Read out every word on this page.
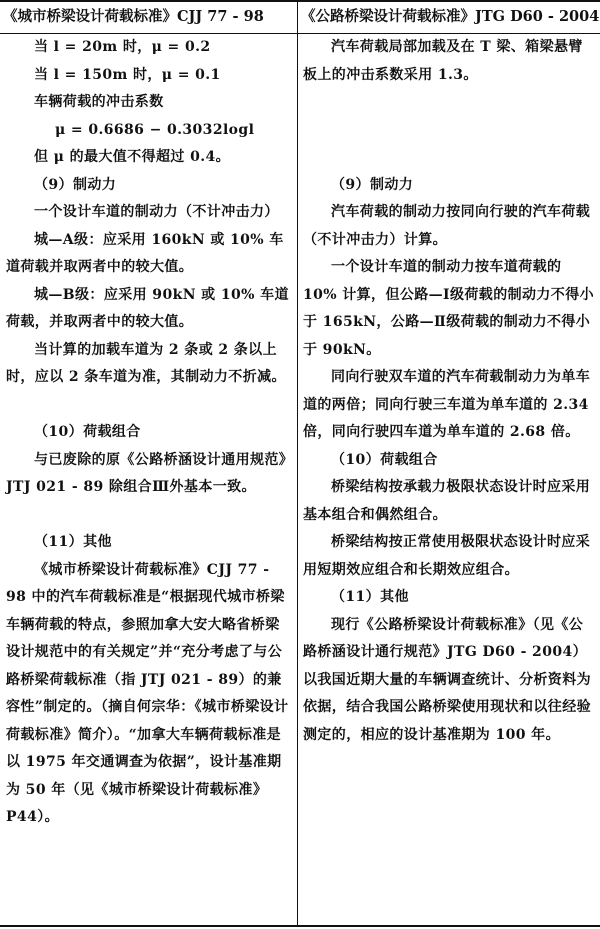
《城市桥梁设计荷载标准》CJJ 77 - 98	《公路桥梁设计荷载标准》JTG D60 - 2004

当 l = 20m 时，μ = 0.2

当 l = 150m 时，μ = 0.1

车辆荷载的冲击系数

μ = 0.6686 − 0.3032logl

但 μ 的最大值不得超过 0.4。

（9）制动力

一个设计车道的制动力（不计冲击力）

城—A级：应采用 160kN 或 10% 车道荷载并取两者中的较大值。

城—B级：应采用 90kN 或 10% 车道荷载，并取两者中的较大值。

当计算的加载车道为 2 条或 2 条以上时，应以 2 条车道为准，其制动力不折减。

（10）荷载组合

与已废除的原《公路桥涵设计通用规范》JTJ 021 - 89 除组合Ⅲ外基本一致。

（11）其他

《城市桥梁设计荷载标准》CJJ 77 - 98 中的汽车荷载标准是“根据现代城市桥梁车辆荷载的特点，参照加拿大安大略省桥梁设计规范中的有关规定”并“充分考虑了与公路桥梁荷载标准（指 JTJ 021 - 89）的兼容性”制定的。（摘自何宗华：《城市桥梁设计荷载标准》简介）。“加拿大车辆荷载标准是以 1975 年交通调查为依据”，设计基准期为 50 年（见《城市桥梁设计荷载标准》P44）。

汽车荷载局部加载及在 T 梁、箱梁悬臂板上的冲击系数采用 1.3。

（9）制动力

汽车荷载的制动力按同向行驶的汽车荷载（不计冲击力）计算。

一个设计车道的制动力按车道荷载的 10% 计算，但公路—Ⅰ级荷载的制动力不得小于 165kN，公路—Ⅱ级荷载的制动力不得小于 90kN。

同向行驶双车道的汽车荷载制动力为单车道的两倍；同向行驶三车道为单车道的 2.34 倍，同向行驶四车道为单车道的 2.68 倍。

（10）荷载组合

桥梁结构按承载力极限状态设计时应采用基本组合和偶然组合。

桥梁结构按正常使用极限状态设计时应采用短期效应组合和长期效应组合。

（11）其他

现行《公路桥梁设计荷载标准》（见《公路桥涵设计通行规范》JTG D60 - 2004）以我国近期大量的车辆调查统计、分析资料为依据，结合我国公路桥梁使用现状和以往经验测定的，相应的设计基准期为 100 年。
